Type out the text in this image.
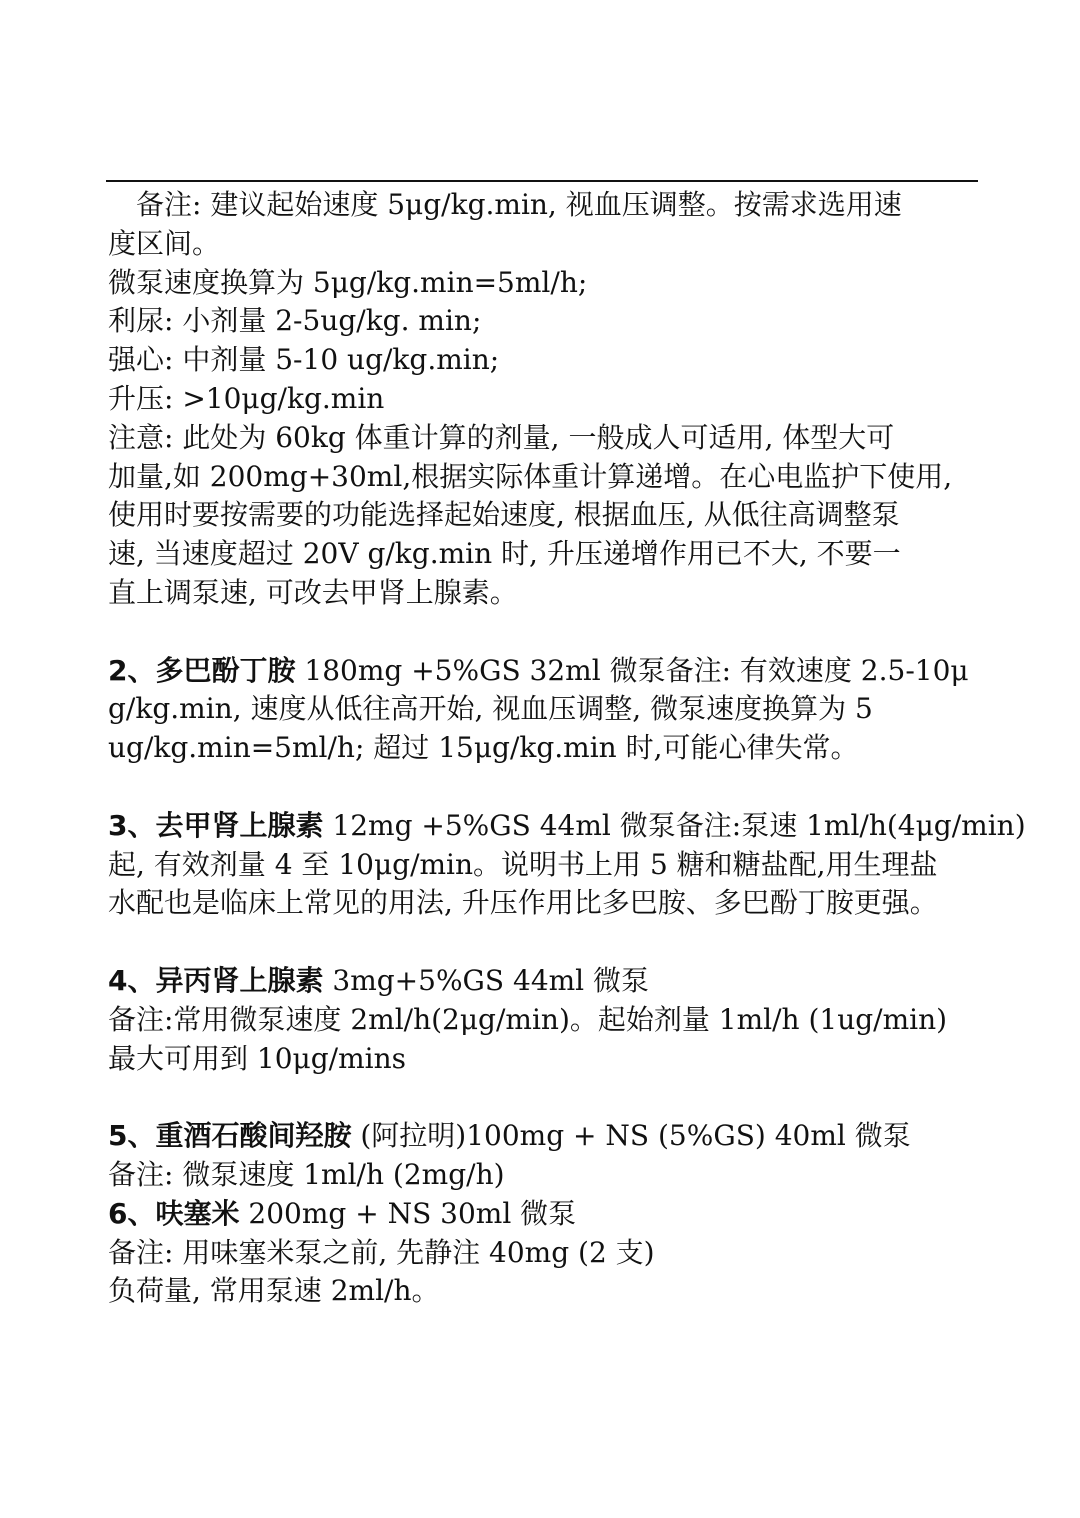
备注: 建议起始速度 5μg/kg.min, 视血压调整。按需求选用速
度区间。
微泵速度换算为 5μg/kg.min=5ml/h;
利尿: 小剂量 2-5ug/kg. min;
强心: 中剂量 5-10 ug/kg.min;
升压: >10μg/kg.min
注意: 此处为 60kg 体重计算的剂量, 一般成人可适用, 体型大可
加量,如 200mg+30ml,根据实际体重计算递增。在心电监护下使用,
使用时要按需要的功能选择起始速度, 根据血压, 从低往高调整泵
速, 当速度超过 20V g/kg.min 时, 升压递增作用已不大, 不要一
直上调泵速, 可改去甲肾上腺素。
2、多巴酚丁胺 180mg +5%GS 32ml 微泵备注: 有效速度 2.5-10μ
g/kg.min, 速度从低往高开始, 视血压调整, 微泵速度换算为 5
ug/kg.min=5ml/h; 超过 15μg/kg.min 时,可能心律失常。
3、去甲肾上腺素 12mg +5%GS 44ml 微泵备注:泵速 1ml/h(4μg/min)
起, 有效剂量 4 至 10μg/min。说明书上用 5 糖和糖盐配,用生理盐
水配也是临床上常见的用法, 升压作用比多巴胺、多巴酚丁胺更强。
4、异丙肾上腺素 3mg+5%GS 44ml 微泵
备注:常用微泵速度 2ml/h(2μg/min)。起始剂量 1ml/h (1ug/min)
最大可用到 10μg/mins
5、重酒石酸间羟胺 (阿拉明)100mg + NS (5%GS) 40ml 微泵
备注: 微泵速度 1ml/h (2mg/h)
6、呋塞米 200mg + NS 30ml 微泵
备注: 用味塞米泵之前, 先静注 40mg (2 支)
负荷量, 常用泵速 2ml/h。
